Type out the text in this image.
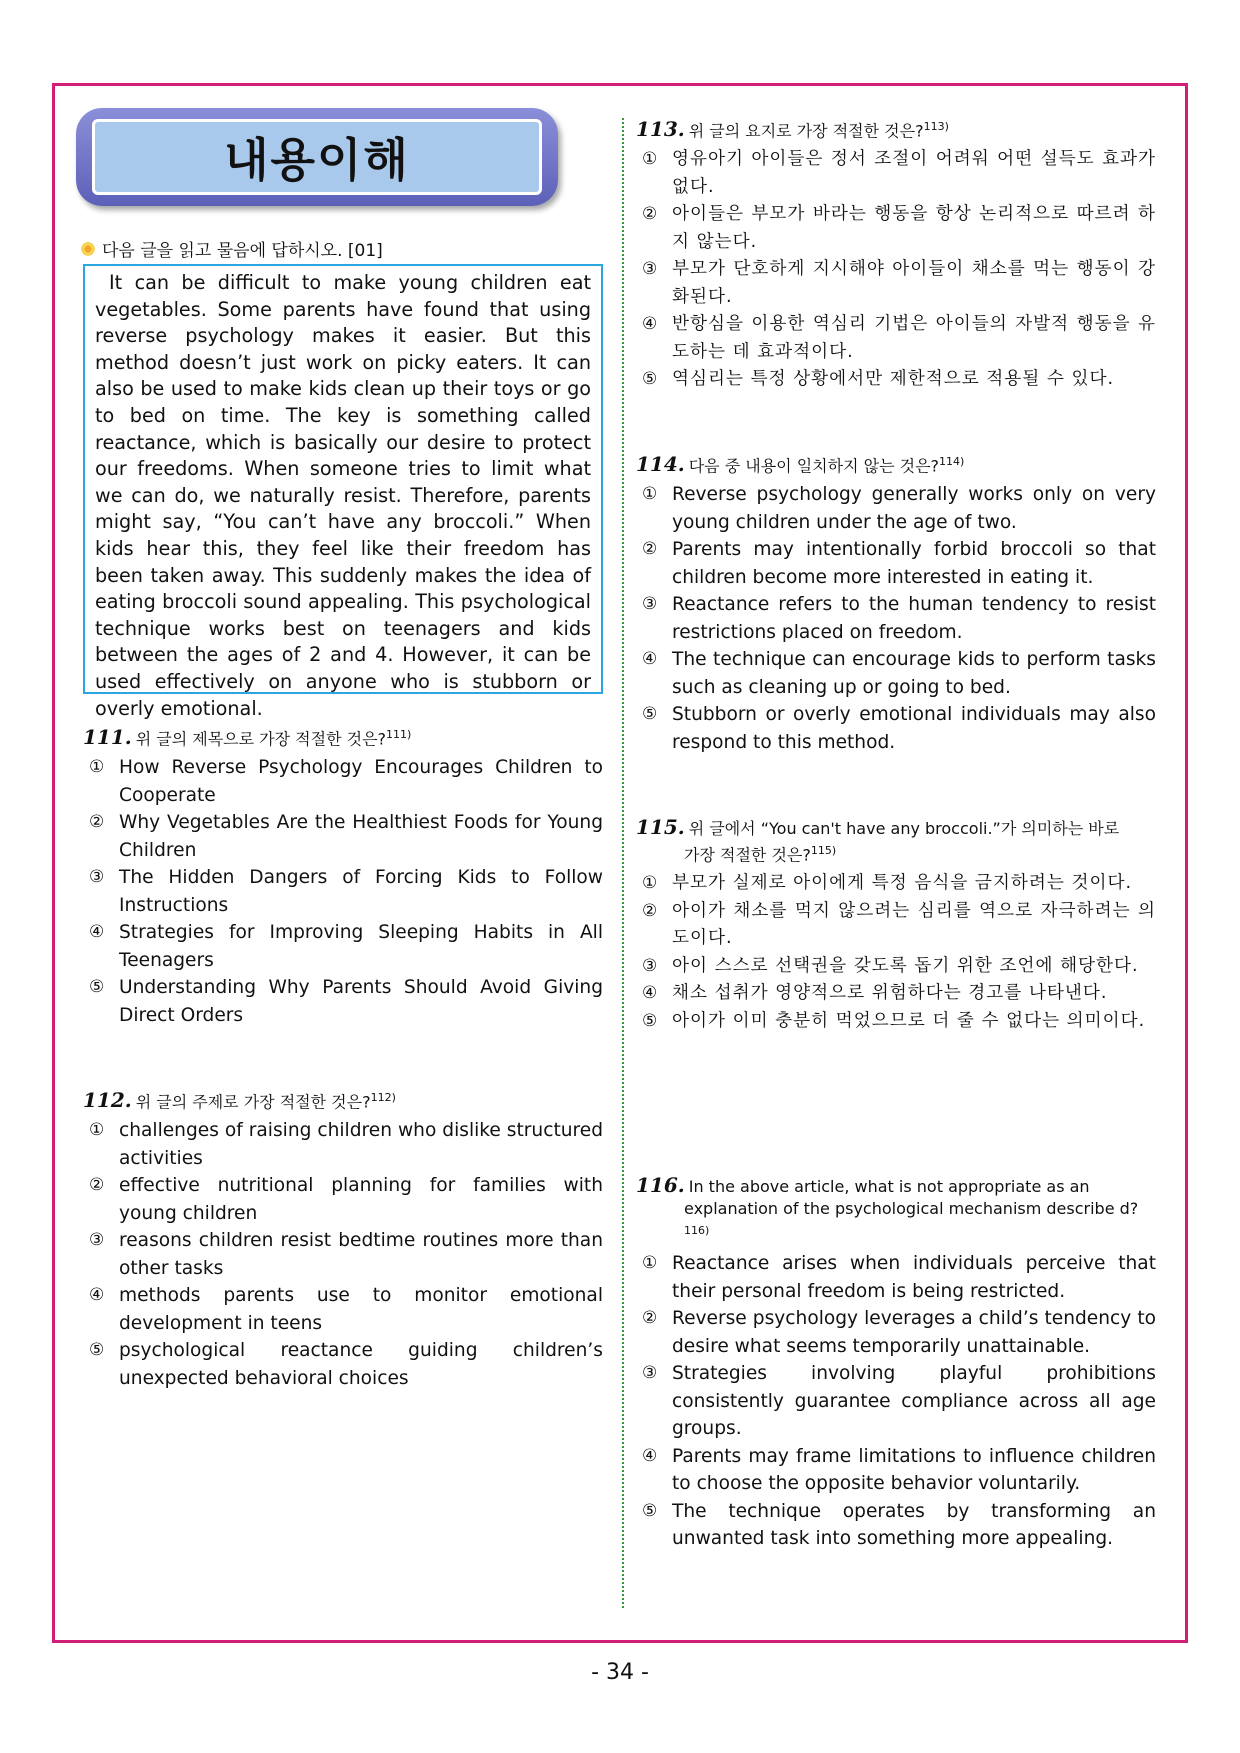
내용이해
다음 글을 읽고 물음에 답하시오. [01]

It can be difficult to make young children eat vegetables. Some parents have found that using reverse psychology makes it easier. But this method doesn’t just work on picky eaters. It can also be used to make kids clean up their toys or go to bed on time. The key is something called reactance, which is basically our desire to protect our freedoms. When someone tries to limit what we can do, we naturally resist. Therefore, parents might say, “You can’t have any broccoli.” When kids hear this, they feel like their freedom has been taken away. This suddenly makes the idea of eating broccoli sound appealing. This psychological technique works best on teenagers and kids between the ages of 2 and 4. However, it can be used effectively on anyone who is stubborn or overly emotional.

111. 위 글의 제목으로 가장 적절한 것은?$^{111)}$
① How Reverse Psychology Encourages Children to Cooperate
② Why Vegetables Are the Healthiest Foods for Young Children
③ The Hidden Dangers of Forcing Kids to Follow Instructions
④ Strategies for Improving Sleeping Habits in All Teenagers
⑤ Understanding Why Parents Should Avoid Giving Direct Orders
112. 위 글의 주제로 가장 적절한 것은?$^{112)}$
① challenges of raising children who dislike structured activities
② effective nutritional planning for families with young children
③ reasons children resist bedtime routines more than other tasks
④ methods parents use to monitor emotional development in teens
⑤ psychological reactance guiding children’s unexpected behavioral choices
113. 위 글의 요지로 가장 적절한 것은?$^{113)}$
① 영유아기 아이들은 정서 조절이 어려워 어떤 설득도 효과가 없다.
② 아이들은 부모가 바라는 행동을 항상 논리적으로 따르려 하지 않는다.
③ 부모가 단호하게 지시해야 아이들이 채소를 먹는 행동이 강화된다.
④ 반항심을 이용한 역심리 기법은 아이들의 자발적 행동을 유도하는 데 효과적이다.
⑤ 역심리는 특정 상황에서만 제한적으로 적용될 수 있다.
114. 다음 중 내용이 일치하지 않는 것은?$^{114)}$
① Reverse psychology generally works only on very young children under the age of two.
② Parents may intentionally forbid broccoli so that children become more interested in eating it.
③ Reactance refers to the human tendency to resist restrictions placed on freedom.
④ The technique can encourage kids to perform tasks such as cleaning up or going to bed.
⑤ Stubborn or overly emotional individuals may also respond to this method.
115. 위 글에서 “You can't have any broccoli.”가 의미하는 바로
가장 적절한 것은?$^{115)}$
① 부모가 실제로 아이에게 특정 음식을 금지하려는 것이다.
② 아이가 채소를 먹지 않으려는 심리를 역으로 자극하려는 의도이다.
③ 아이 스스로 선택권을 갖도록 돕기 위한 조언에 해당한다.
④ 채소 섭취가 영양적으로 위험하다는 경고를 나타낸다.
⑤ 아이가 이미 충분히 먹었으므로 더 줄 수 없다는 의미이다.
116. In the above article, what is not appropriate as an
explanation of the psychological mechanism describe d?$^{116)}$
① Reactance arises when individuals perceive that their personal freedom is being restricted.
② Reverse psychology leverages a child’s tendency to desire what seems temporarily unattainable.
③ Strategies involving playful prohibitions consistently guarantee compliance across all age groups.
④ Parents may frame limitations to influence children to choose the opposite behavior voluntarily.
⑤ The technique operates by transforming an unwanted task into something more appealing.
- 34 -
